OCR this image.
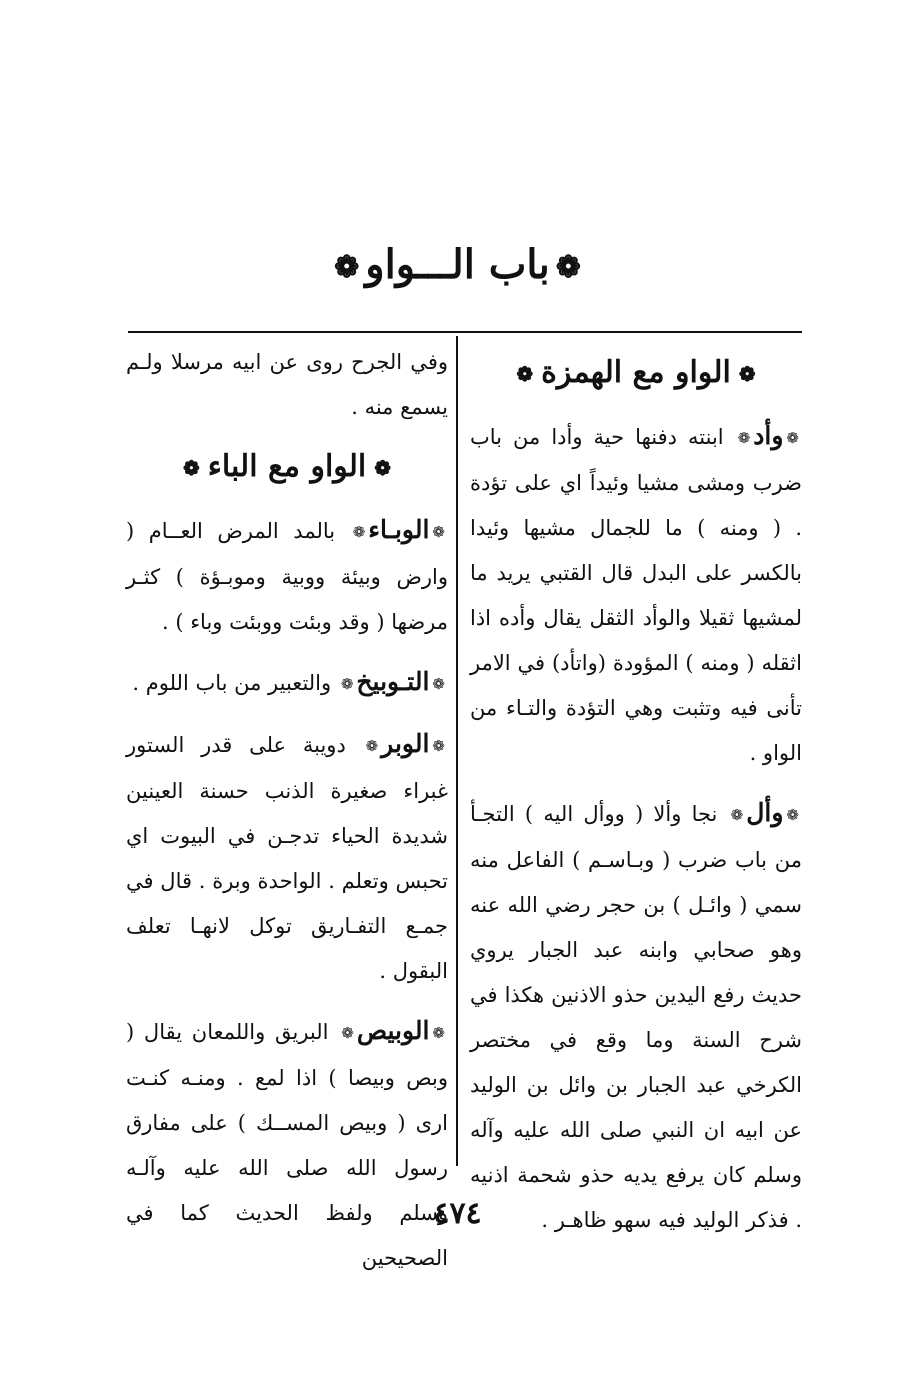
❁باب الـــواو❁
❁الواو مع الهمزة❁

❁وأد❁ ابنته دفنها حية وأدا من باب ضرب ومشى مشيا وئيداً اي على تؤدة . ( ومنه ) ما للجمال مشيها وئيدا بالكسر على البدل قال القتبي يريد ما لمشيها ثقيلا والوأد الثقل يقال وأده اذا اثقله ( ومنه ) المؤودة (واتأد) في الامر تأنى فيه وتثبت وهي التؤدة والتـاء من الواو .

❁وأل❁ نجا وألا ( ووأل اليه ) التجـأ من باب ضرب ( وبـاسـم ) الفاعل منه سمي ( وائـل ) بن حجر رضي الله عنه وهو صحابي وابنه عبد الجبار يروي حديث رفع اليدين حذو الاذنين هكذا في شرح السنة وما وقع في مختصر الكرخي عبد الجبار بن وائل بن الوليد عن ابيه ان النبي صلى الله عليه وآله وسلم كان يرفع يديه حذو شحمة اذنيه . فذكر الوليد فيه سهو ظاهـر .

وفي الجرح روى عن ابيه مرسلا ولـم يسمع منه .

❁الواو مع الباء❁

❁الوبـاء❁ بالمد المرض العــام ( وارض وبيئة ووبية وموبـؤة ) كثـر مرضها ( وقد وبئت ووبئت وباء ) .

❁التـوبيخ❁ والتعبير من باب اللوم .

❁الوبر❁ دويبة على قدر الستور غبراء صغيرة الذنب حسنة العينين شديدة الحياء تدجـن في البيوت اي تحبس وتعلم . الواحدة وبرة . قال في جمـع التفـاريق توكل لانهـا تعلف البقول .

❁الوبيص❁ البريق واللمعان يقال ( وبص وبيصا ) اذا لمع . ومنـه كنـت ارى ( وبيص المســك ) على مفارق رسول الله صلى الله عليه وآلـه وسلم ولفظ الحديث كما في الصحيحين

٤٧٤
